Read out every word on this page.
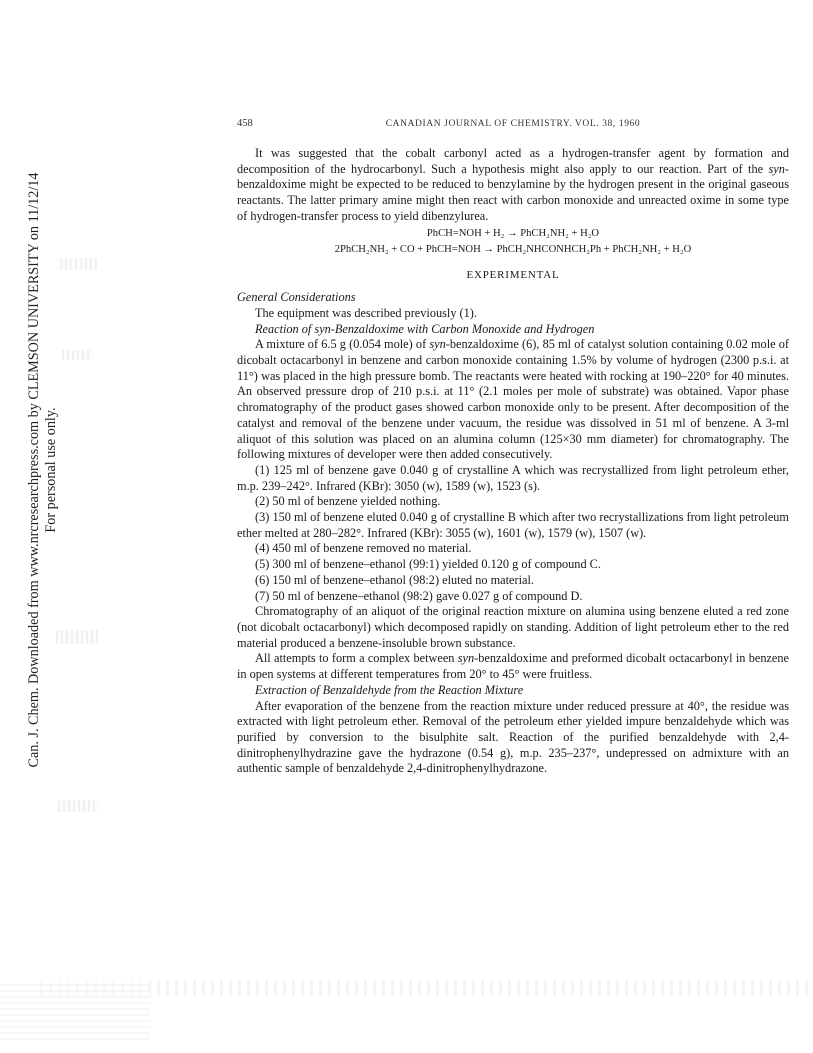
Can. J. Chem. Downloaded from www.nrcresearchpress.com by CLEMSON UNIVERSITY on 11/12/14 For personal use only.
458	CANADIAN JOURNAL OF CHEMISTRY. VOL. 38, 1960

It was suggested that the cobalt carbonyl acted as a hydrogen-transfer agent by formation and decomposition of the hydrocarbonyl. Such a hypothesis might also apply to our reaction. Part of the syn-benzaldoxime might be expected to be reduced to benzylamine by the hydrogen present in the original gaseous reactants. The latter primary amine might then react with carbon monoxide and unreacted oxime in some type of hydrogen-transfer process to yield dibenzylurea.

PhCH=NOH + H₂ → PhCH₂NH₂ + H₂O
2PhCH₂NH₂ + CO + PhCH=NOH → PhCH₂NHCONHCH₂Ph + PhCH₂NH₂ + H₂O
EXPERIMENTAL

General Considerations

The equipment was described previously (1).

Reaction of syn-Benzaldoxime with Carbon Monoxide and Hydrogen

A mixture of 6.5 g (0.054 mole) of syn-benzaldoxime (6), 85 ml of catalyst solution containing 0.02 mole of dicobalt octacarbonyl in benzene and carbon monoxide containing 1.5% by volume of hydrogen (2300 p.s.i. at 11°) was placed in the high pressure bomb. The reactants were heated with rocking at 190–220° for 40 minutes. An observed pressure drop of 210 p.s.i. at 11° (2.1 moles per mole of substrate) was obtained. Vapor phase chromatography of the product gases showed carbon monoxide only to be present. After decomposition of the catalyst and removal of the benzene under vacuum, the residue was dissolved in 51 ml of benzene. A 3-ml aliquot of this solution was placed on an alumina column (125×30 mm diameter) for chromatography. The following mixtures of developer were then added consecutively.

(1) 125 ml of benzene gave 0.040 g of crystalline A which was recrystallized from light petroleum ether, m.p. 239–242°. Infrared (KBr): 3050 (w), 1589 (w), 1523 (s).

(2) 50 ml of benzene yielded nothing.

(3) 150 ml of benzene eluted 0.040 g of crystalline B which after two recrystallizations from light petroleum ether melted at 280–282°. Infrared (KBr): 3055 (w), 1601 (w), 1579 (w), 1507 (w).

(4) 450 ml of benzene removed no material.

(5) 300 ml of benzene–ethanol (99:1) yielded 0.120 g of compound C.

(6) 150 ml of benzene–ethanol (98:2) eluted no material.

(7) 50 ml of benzene–ethanol (98:2) gave 0.027 g of compound D.

Chromatography of an aliquot of the original reaction mixture on alumina using benzene eluted a red zone (not dicobalt octacarbonyl) which decomposed rapidly on standing. Addition of light petroleum ether to the red material produced a benzene-insoluble brown substance.

All attempts to form a complex between syn-benzaldoxime and preformed dicobalt octacarbonyl in benzene in open systems at different temperatures from 20° to 45° were fruitless.

Extraction of Benzaldehyde from the Reaction Mixture

After evaporation of the benzene from the reaction mixture under reduced pressure at 40°, the residue was extracted with light petroleum ether. Removal of the petroleum ether yielded impure benzaldehyde which was purified by conversion to the bisulphite salt. Reaction of the purified benzaldehyde with 2,4-dinitrophenylhydrazine gave the hydrazone (0.54 g), m.p. 235–237°, undepressed on admixture with an authentic sample of benzaldehyde 2,4-dinitrophenylhydrazone.
